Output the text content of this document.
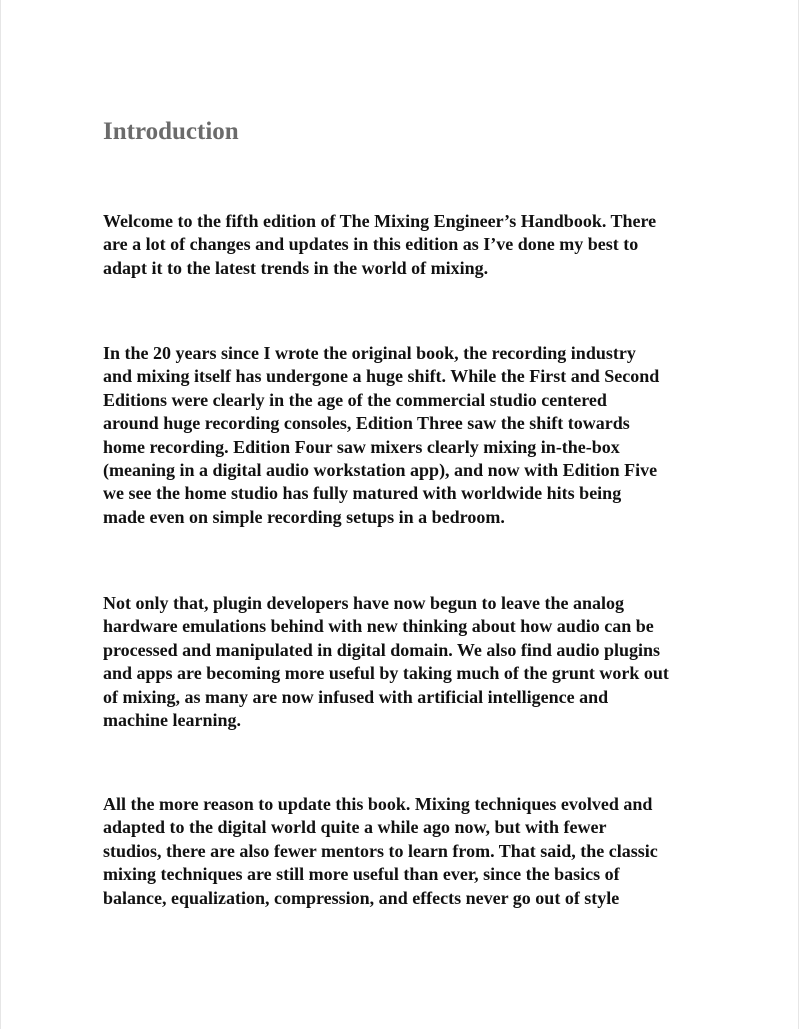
Introduction

Welcome to the fifth edition of The Mixing Engineer’s Handbook. There
are a lot of changes and updates in this edition as I’ve done my best to
adapt it to the latest trends in the world of mixing.

In the 20 years since I wrote the original book, the recording industry
and mixing itself has undergone a huge shift. While the First and Second
Editions were clearly in the age of the commercial studio centered
around huge recording consoles, Edition Three saw the shift towards
home recording. Edition Four saw mixers clearly mixing in-the-box
(meaning in a digital audio workstation app), and now with Edition Five
we see the home studio has fully matured with worldwide hits being
made even on simple recording setups in a bedroom.

Not only that, plugin developers have now begun to leave the analog
hardware emulations behind with new thinking about how audio can be
processed and manipulated in digital domain. We also find audio plugins
and apps are becoming more useful by taking much of the grunt work out
of mixing, as many are now infused with artificial intelligence and
machine learning.

All the more reason to update this book. Mixing techniques evolved and
adapted to the digital world quite a while ago now, but with fewer
studios, there are also fewer mentors to learn from. That said, the classic
mixing techniques are still more useful than ever, since the basics of
balance, equalization, compression, and effects never go out of style
